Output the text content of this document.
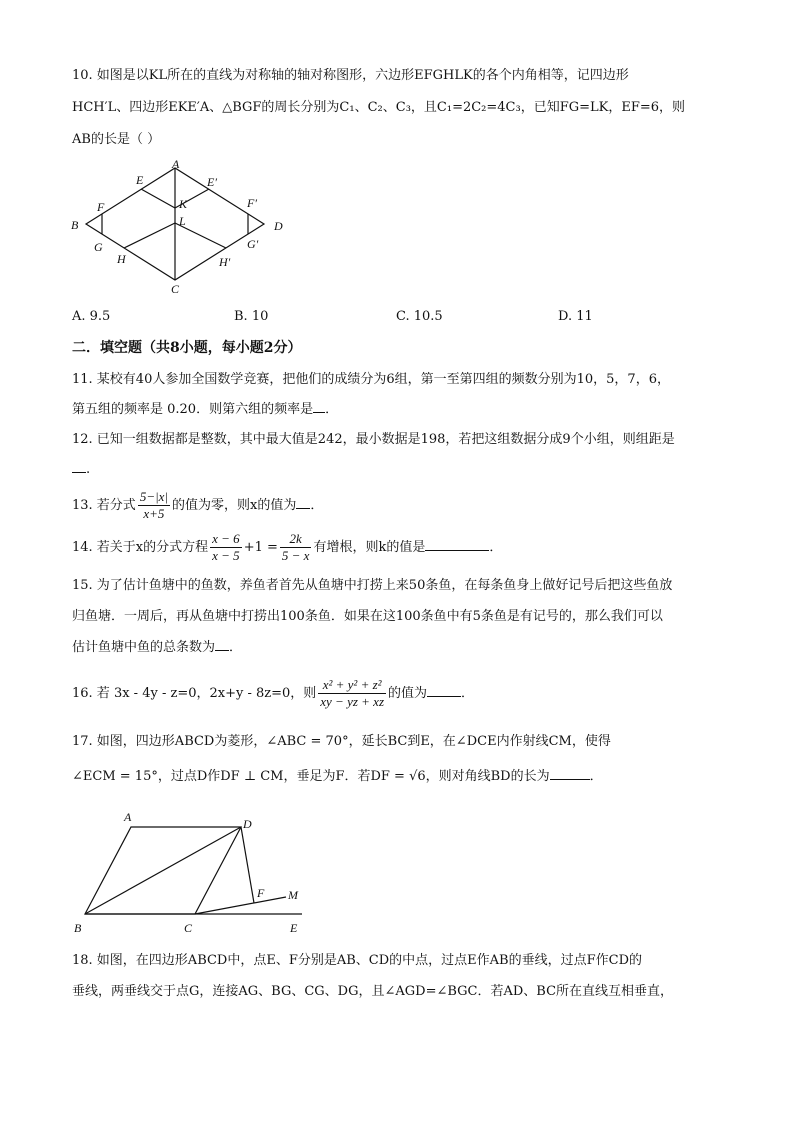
10. 如图是以KL所在的直线为对称轴的轴对称图形，六边形EFGHLK的各个内角相等，记四边形
HCH′L、四边形EKE′A、△BGF的周长分别为C₁、C₂、C₃，且C₁=2C₂=4C₃，已知FG=LK，EF=6，则
AB的长是（ ）
A
E	E′
K
F	F′
B	L	D
G	G′
H	H′
C
A. 9.5	B. 10	C. 10.5	D. 11
二．填空题（共8小题，每小题2分）
11. 某校有40人参加全国数学竞赛，把他们的成绩分为6组，第一至第四组的频数分别为10，5，7，6，
第五组的频率是 0.20．则第六组的频率是 ．
12. 已知一组数据都是整数，其中最大值是242，最小数据是198，若把这组数据分成9个小组，则组距是
.
13. 若分式 $\frac{5-|x|}{x+5}$ 的值为零，则x的值为 ．
14. 若关于x的分式方程 $\frac{x - 6}{x - 5} +1 = \frac{2k}{5 - x}$ 有增根，则k的值是	．
15. 为了估计鱼塘中的鱼数，养鱼者首先从鱼塘中打捞上来50条鱼，在每条鱼身上做好记号后把这些鱼放
归鱼塘．一周后，再从鱼塘中打捞出100条鱼．如果在这100条鱼中有5条鱼是有记号的，那么我们可以
估计鱼塘中鱼的总条数为 ．
16. 若 3x - 4y - z=0，2x+y - 8z=0，则 $\frac{\text{x² + y² + z²}}{xy - yz + xz}$ 的值为	．
17. 如图，四边形ABCD为菱形，∠ABC = 70°，延长BC到E，在∠DCE内作射线CM，使得
∠ECM = 15°，过点D作DF ⊥ CM，垂足为F．若DF = √6，则对角线BD的长为	．
A	D
F M
B	C	E
18. 如图，在四边形ABCD中，点E、F分别是AB、CD的中点，过点E作AB的垂线，过点F作CD的
垂线，两垂线交于点G，连接AG、BG、CG、DG，且∠AGD=∠BGC．若AD、BC所在直线互相垂直，
